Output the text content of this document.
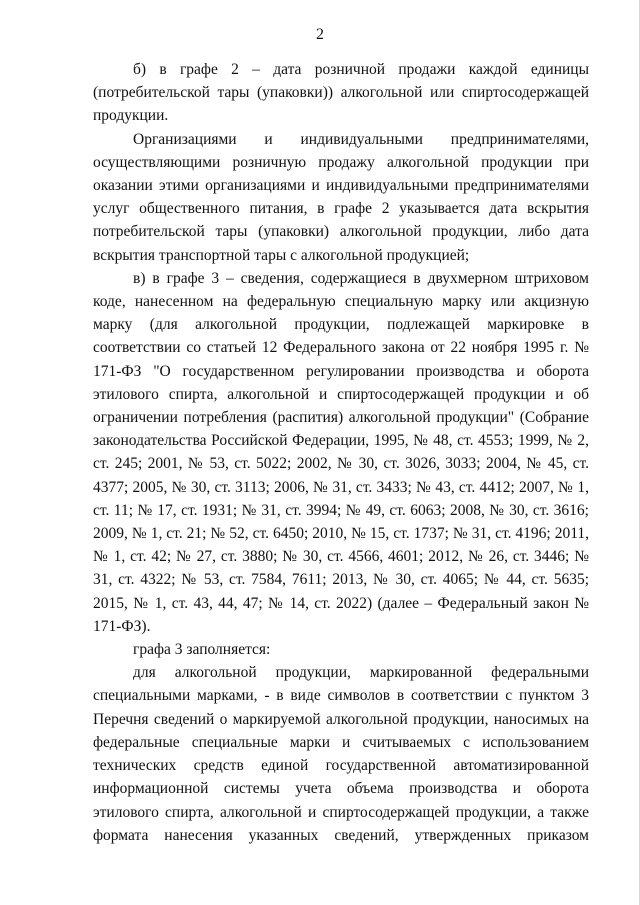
2

б) в графе 2 – дата розничной продажи каждой единицы (потребительской тары (упаковки)) алкогольной или спиртосодержащей продукции.

Организациями и индивидуальными предпринимателями, осуществляющими розничную продажу алкогольной продукции при оказании этими организациями и индивидуальными предпринимателями услуг общественного питания, в графе 2 указывается дата вскрытия потребительской тары (упаковки) алкогольной продукции, либо дата вскрытия транспортной тары с алкогольной продукцией;

в) в графе 3 – сведения, содержащиеся в двухмерном штриховом коде, нанесенном на федеральную специальную марку или акцизную марку (для алкогольной продукции, подлежащей маркировке в соответствии со статьей 12 Федерального закона от 22 ноября 1995 г. № 171-ФЗ "О государственном регулировании производства и оборота этилового спирта, алкогольной и спиртосодержащей продукции и об ограничении потребления (распития) алкогольной продукции" (Собрание законодательства Российской Федерации, 1995, № 48, ст. 4553; 1999, № 2, ст. 245; 2001, № 53, ст. 5022; 2002, № 30, ст. 3026, 3033; 2004, № 45, ст. 4377; 2005, № 30, ст. 3113; 2006, № 31, ст. 3433; № 43, ст. 4412; 2007, № 1, ст. 11; № 17, ст. 1931; № 31, ст. 3994; № 49, ст. 6063; 2008, № 30, ст. 3616; 2009, № 1, ст. 21; № 52, ст. 6450; 2010, № 15, ст. 1737; № 31, ст. 4196; 2011, № 1, ст. 42; № 27, ст. 3880; № 30, ст. 4566, 4601; 2012, № 26, ст. 3446; № 31, ст. 4322; № 53, ст. 7584, 7611; 2013, № 30, ст. 4065; № 44, ст. 5635; 2015, № 1, ст. 43, 44, 47; № 14, ст. 2022) (далее – Федеральный закон № 171-ФЗ).

графа 3 заполняется:

для алкогольной продукции, маркированной федеральными специальными марками, - в виде символов в соответствии с пунктом 3 Перечня сведений о маркируемой алкогольной продукции, наносимых на федеральные специальные марки и считываемых с использованием технических средств единой государственной автоматизированной информационной системы учета объема производства и оборота этилового спирта, алкогольной и спиртосодержащей продукции, а также формата нанесения указанных сведений, утвержденных приказом
